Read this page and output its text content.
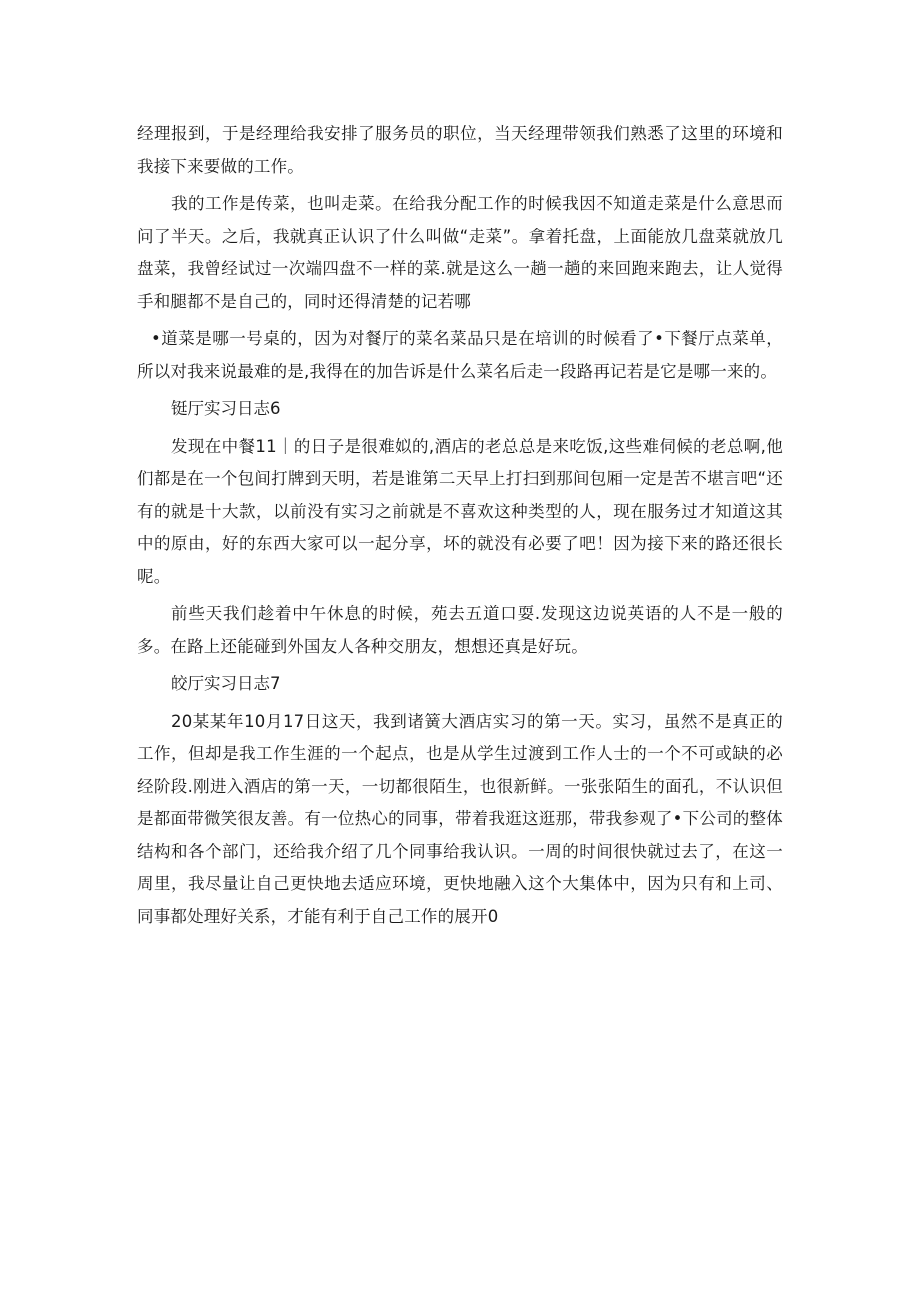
经理报到，于是经理给我安排了服务员的职位，当天经理带领我们熟悉了这里的环境和我接下来要做的工作。

我的工作是传菜，也叫走菜。在给我分配工作的时候我因不知道走菜是什么意思而问了半天。之后，我就真正认识了什么叫做“走菜”。拿着托盘，上面能放几盘菜就放几盘菜，我曾经试过一次端四盘不一样的菜.就是这么一趟一趟的来回跑来跑去，让人觉得手和腿都不是自己的，同时还得清楚的记若哪

•道菜是哪一号桌的，因为对餐厅的菜名菜品只是在培训的时候看了•下餐厅点菜单，所以对我来说最难的是,我得在的加告诉是什么菜名后走一段路再记若是它是哪一来的。

铤厅实习日志6

发现在中餐11｜的日子是很难姒的,酒店的老总总是来吃饭,这些难伺候的老总啊,他们都是在一个包间打牌到天明，若是谁第二天早上打扫到那间包厢一定是苦不堪言吧“还有的就是十大款，以前没有实习之前就是不喜欢这种类型的人，现在服务过才知道这其中的原由，好的东西大家可以一起分享，坏的就没有必要了吧！因为接下来的路还很长呢。

前些天我们趁着中午休息的时候，苑去五道口耍.发现这边说英语的人不是一般的多。在路上还能碰到外国友人各种交朋友，想想还真是好玩。

皎厅实习日志7

20某某年10月17日这天，我到诸簧大酒店实习的第一天。实习，虽然不是真正的工作，但却是我工作生涯的一个起点，也是从学生过渡到工作人士的一个不可或缺的必经阶段.刚进入酒店的第一天，一切都很陌生，也很新鲜。一张张陌生的面孔，不认识但是都面带微笑很友善。有一位热心的同事，带着我逛这逛那，带我参观了•下公司的整体结构和各个部门，还给我介绍了几个同事给我认识。一周的时间很快就过去了，在这一周里，我尽量让自己更快地去适应环境，更快地融入这个大集体中，因为只有和上司、同事都处理好关系，才能有利于自己工作的展开0
